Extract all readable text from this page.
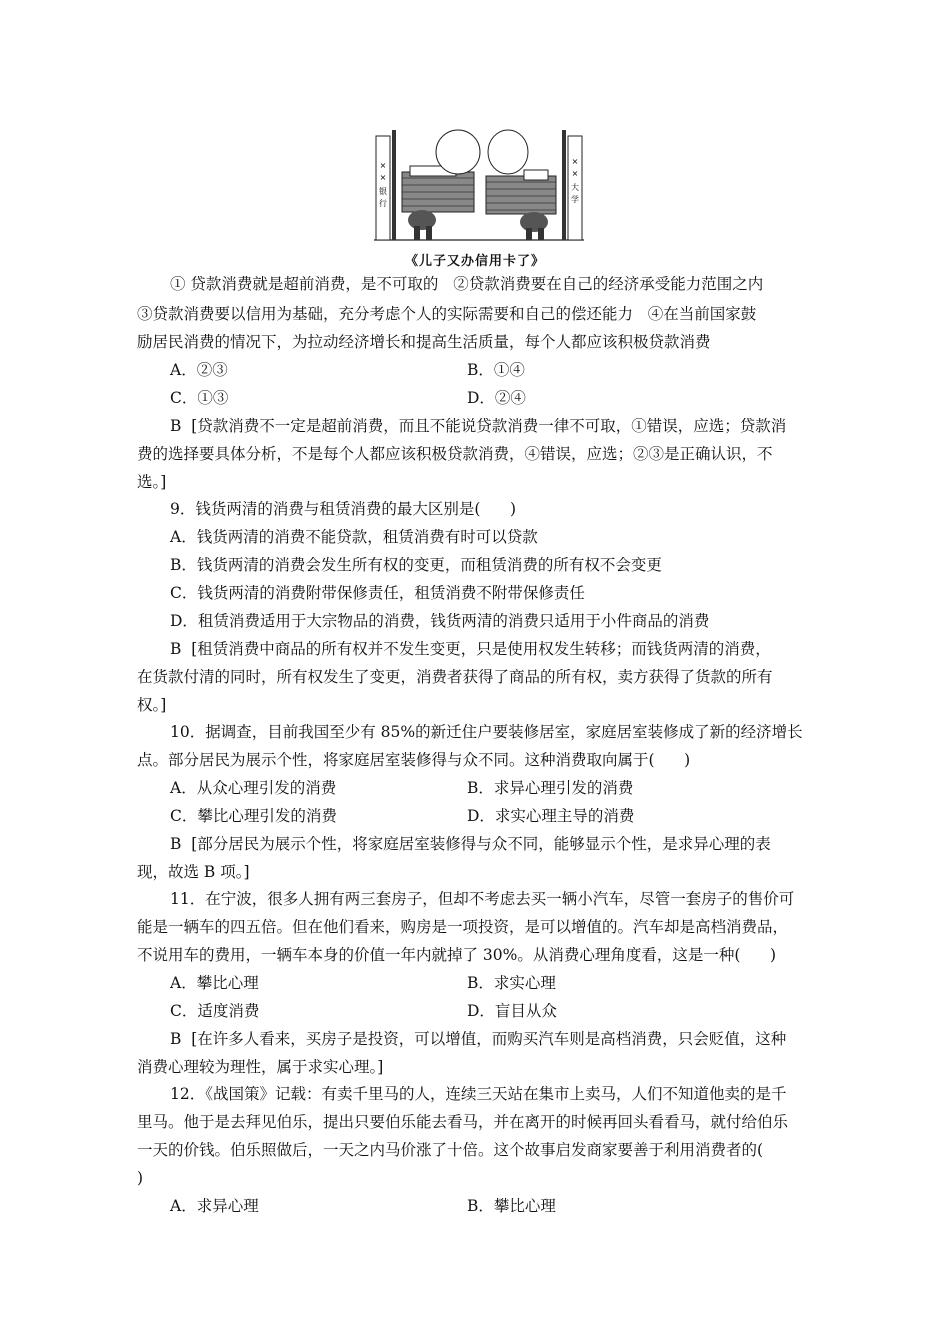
×
×
银
行
×
×
大
学
《儿子又办信用卡了》
① 贷款消费就是超前消费，是不可取的   ②贷款消费要在自己的经济承受能力范围之内
③贷款消费要以信用为基础，充分考虑个人的实际需要和自己的偿还能力   ④在当前国家鼓
励居民消费的情况下，为拉动经济增长和提高生活质量，每个人都应该积极贷款消费
A．②③	B．①④
C．①③	D．②④
B  [贷款消费不一定是超前消费，而且不能说贷款消费一律不可取，①错误，应选；贷款消
费的选择要具体分析，不是每个人都应该积极贷款消费，④错误，应选；②③是正确认识，不
选。]
9．钱货两清的消费与租赁消费的最大区别是(      )
A．钱货两清的消费不能贷款，租赁消费有时可以贷款
B．钱货两清的消费会发生所有权的变更，而租赁消费的所有权不会变更
C．钱货两清的消费附带保修责任，租赁消费不附带保修责任
D．租赁消费适用于大宗物品的消费，钱货两清的消费只适用于小件商品的消费
B  [租赁消费中商品的所有权并不发生变更，只是使用权发生转移；而钱货两清的消费，
在货款付清的同时，所有权发生了变更，消费者获得了商品的所有权，卖方获得了货款的所有
权。]
10．据调查，目前我国至少有 85%的新迁住户要装修居室，家庭居室装修成了新的经济增长
点。部分居民为展示个性，将家庭居室装修得与众不同。这种消费取向属于(      )
A．从众心理引发的消费	B．求异心理引发的消费
C．攀比心理引发的消费	D．求实心理主导的消费
B  [部分居民为展示个性，将家庭居室装修得与众不同，能够显示个性，是求异心理的表
现，故选 B 项。]
11．在宁波，很多人拥有两三套房子，但却不考虑去买一辆小汽车，尽管一套房子的售价可
能是一辆车的四五倍。但在他们看来，购房是一项投资，是可以增值的。汽车却是高档消费品，
不说用车的费用，一辆车本身的价值一年内就掉了 30%。从消费心理角度看，这是一种(      )
A．攀比心理	B．求实心理
C．适度消费	D．盲目从众
B  [在许多人看来，买房子是投资，可以增值，而购买汽车则是高档消费，只会贬值，这种
消费心理较为理性，属于求实心理。]
12．《战国策》记载：有卖千里马的人，连续三天站在集市上卖马，人们不知道他卖的是千
里马。他于是去拜见伯乐，提出只要伯乐能去看马，并在离开的时候再回头看看马，就付给伯乐
一天的价钱。伯乐照做后，一天之内马价涨了十倍。这个故事启发商家要善于利用消费者的(
)
A．求异心理	B．攀比心理
